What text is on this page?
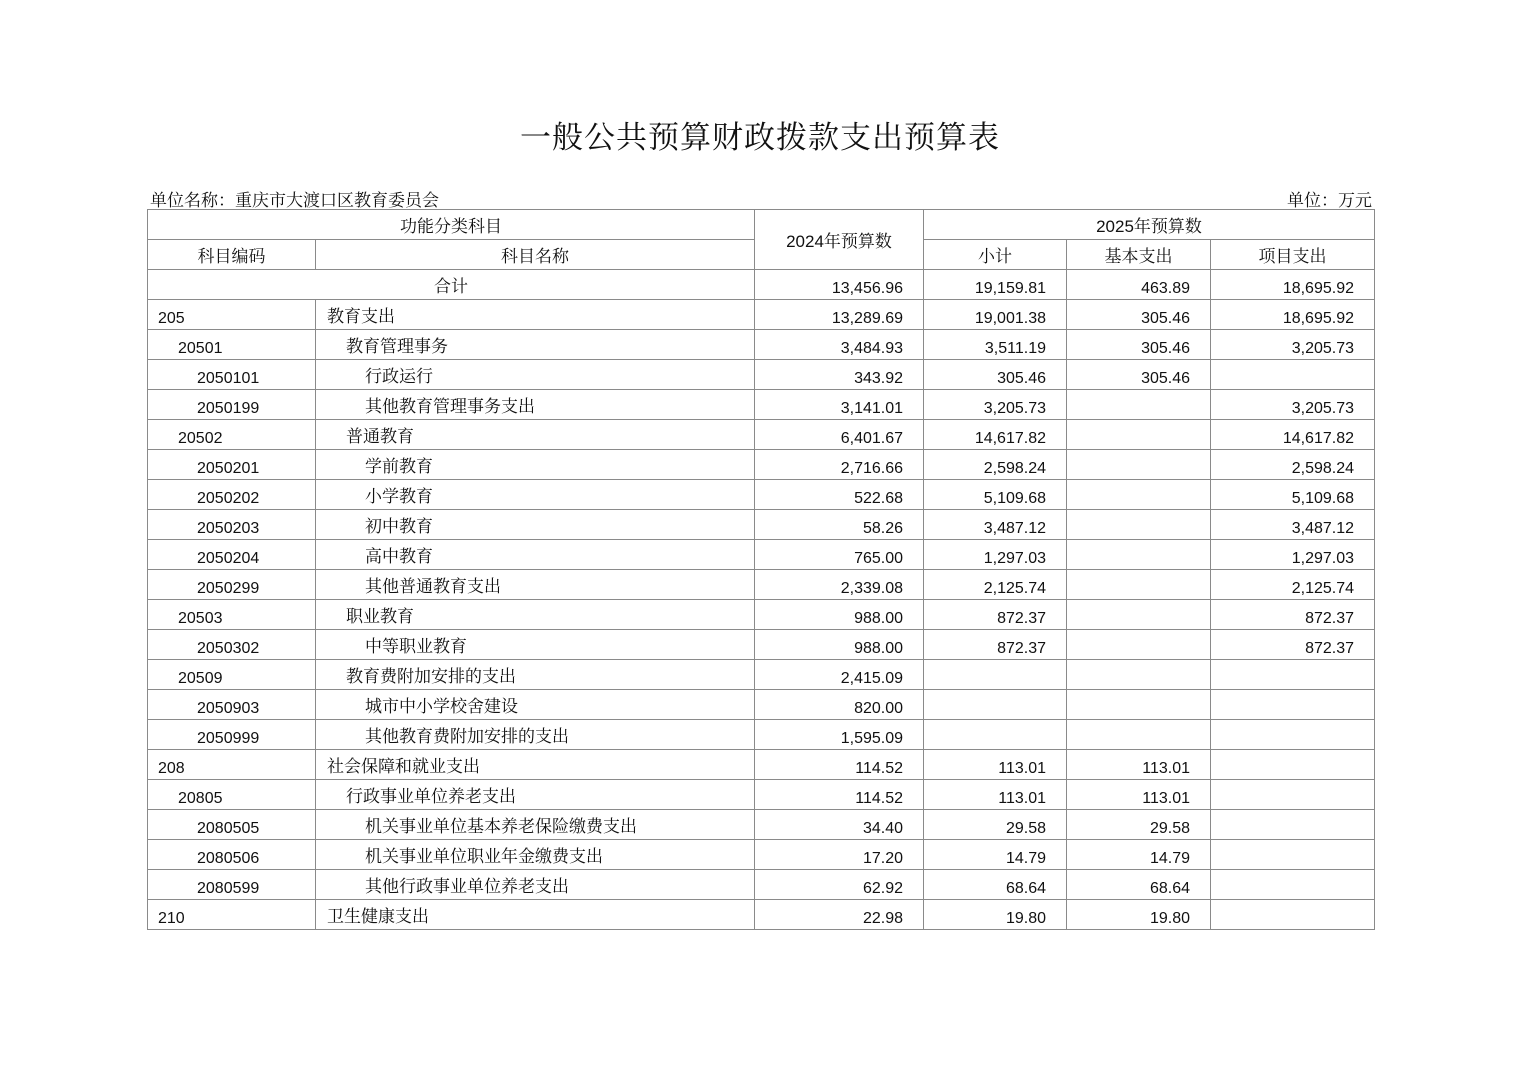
一般公共预算财政拨款支出预算表
单位名称：重庆市大渡口区教育委员会	单位：万元
功能分类科目		2024年预算数	2025年预算数		
科目编码	科目名称		小计	基本支出	项目支出
合计		13,456.96	19,159.81	463.89	18,695.92
205	教育支出	13,289.69	19,001.38	305.46	18,695.92
20501	教育管理事务	3,484.93	3,511.19	305.46	3,205.73
2050101	行政运行	343.92	305.46	305.46	
2050199	其他教育管理事务支出	3,141.01	3,205.73		3,205.73
20502	普通教育	6,401.67	14,617.82		14,617.82
2050201	学前教育	2,716.66	2,598.24		2,598.24
2050202	小学教育	522.68	5,109.68		5,109.68
2050203	初中教育	58.26	3,487.12		3,487.12
2050204	高中教育	765.00	1,297.03		1,297.03
2050299	其他普通教育支出	2,339.08	2,125.74		2,125.74
20503	职业教育	988.00	872.37		872.37
2050302	中等职业教育	988.00	872.37		872.37
20509	教育费附加安排的支出	2,415.09			
2050903	城市中小学校舍建设	820.00			
2050999	其他教育费附加安排的支出	1,595.09			
208	社会保障和就业支出	114.52	113.01	113.01	
20805	行政事业单位养老支出	114.52	113.01	113.01	
2080505	机关事业单位基本养老保险缴费支出	34.40	29.58	29.58	
2080506	机关事业单位职业年金缴费支出	17.20	14.79	14.79	
2080599	其他行政事业单位养老支出	62.92	68.64	68.64	
210	卫生健康支出	22.98	19.80	19.80	
